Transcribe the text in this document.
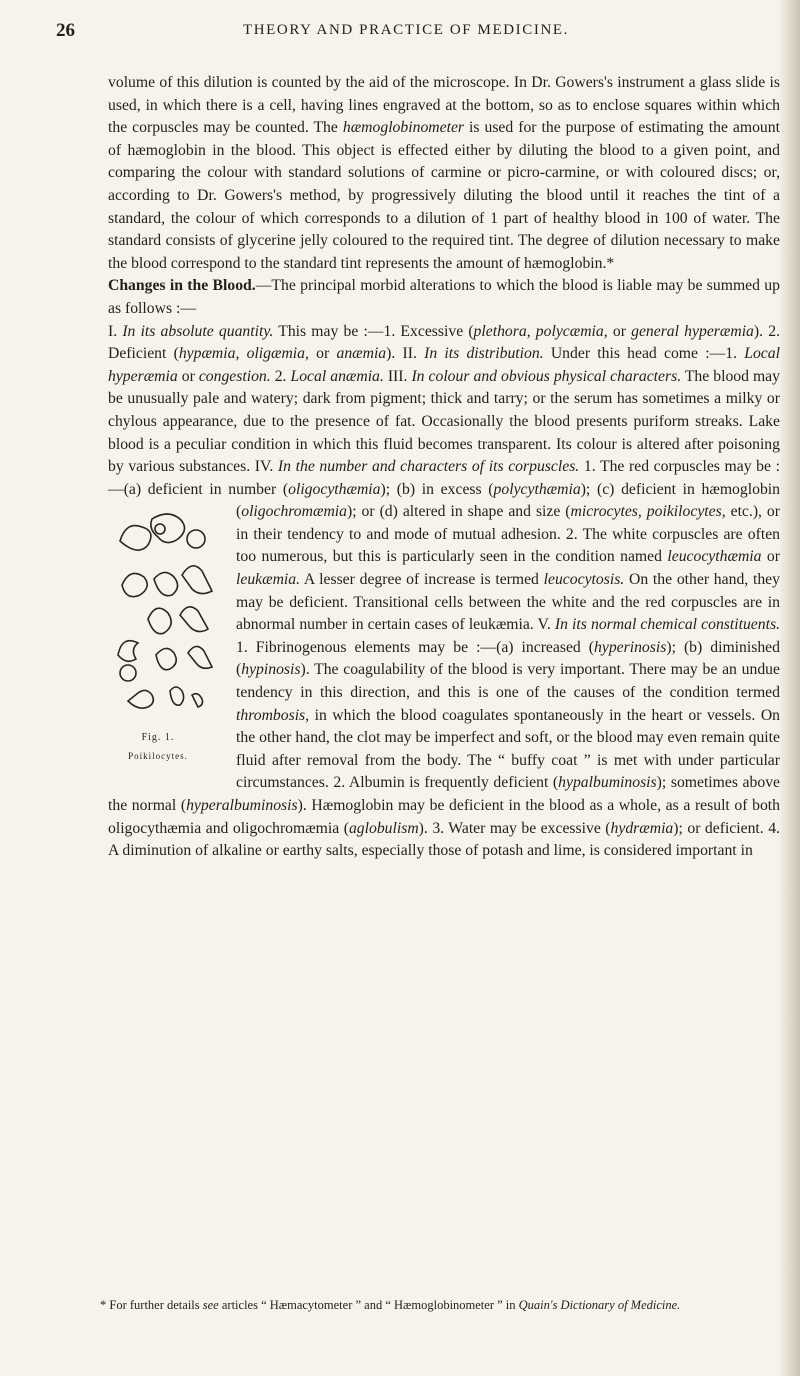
26	THEORY AND PRACTICE OF MEDICINE.

volume of this dilution is counted by the aid of the microscope. In Dr. Gowers's instrument a glass slide is used, in which there is a cell, having lines engraved at the bottom, so as to enclose squares within which the corpuscles may be counted. The hæmoglobinometer is used for the purpose of estimating the amount of hæmoglobin in the blood. This object is effected either by diluting the blood to a given point, and comparing the colour with standard solutions of carmine or picro-carmine, or with coloured discs; or, according to Dr. Gowers's method, by progressively diluting the blood until it reaches the tint of a standard, the colour of which corresponds to a dilution of 1 part of healthy blood in 100 of water. The standard consists of glycerine jelly coloured to the required tint. The degree of dilution necessary to make the blood correspond to the standard tint represents the amount of hæmoglobin.*

Changes in the Blood.—The principal morbid alterations to which the blood is liable may be summed up as follows :—

I. In its absolute quantity. This may be :—1. Excessive (plethora, polycæmia, or general hyperæmia). 2. Deficient (hypæmia, oligæmia, or anæmia). II. In its distribution. Under this head come :—1. Local hyperæmia or congestion. 2. Local anæmia. III. In colour and obvious physical characters. The blood may be unusually pale and watery; dark from pigment; thick and tarry; or the serum has sometimes a milky or chylous appearance, due to the presence of fat. Occasionally the blood presents puriform streaks. Lake blood is a peculiar condition in which this fluid becomes transparent. Its colour is altered after poisoning by various substances. IV. In the number and characters of its corpuscles. 1. The red corpuscles may be :—(a) deficient in number (oligocythæmia); (b) in excess (polycythæmia); (c) deficient in hæmoglobin (oligochromæmia); or (d) altered in shape and size (
Fig. 1.
Poikilocytes.
microcytes, poikilocytes, etc.), or in their tendency to and mode of mutual adhesion. 2. The white corpuscles are often too numerous, but this is particularly seen in the condition named leucocythæmia or leukæmia. A lesser degree of increase is termed leucocytosis. On the other hand, they may be deficient. Transitional cells between the white and the red corpuscles are in abnormal number in certain cases of leukæmia. V. In its normal chemical constituents. 1. Fibrinogenous elements may be :—(a) increased (hyperinosis); (b) diminished (hypinosis). The coagulability of the blood is very important. There may be an undue tendency in this direction, and this is one of the causes of the condition termed thrombosis, in which the blood coagulates spontaneously in the heart or vessels. On the other hand, the clot may be imperfect and soft, or the blood may even remain quite fluid after removal from the body. The “ buffy coat ” is met with under particular circumstances. 2. Albumin is frequently deficient (hypalbuminosis); sometimes above the normal (hyperalbuminosis). Hæmoglobin may be deficient in the blood as a whole, as a result of both oligocythæmia and oligochromæmia (aglobulism). 3. Water may be excessive (hydræmia); or deficient. 4. A diminution of alkaline or earthy salts, especially those of potash and lime, is considered important in

* For further details see articles “ Hæmacytometer ” and “ Hæmoglobinometer ” in Quain's Dictionary of Medicine.
